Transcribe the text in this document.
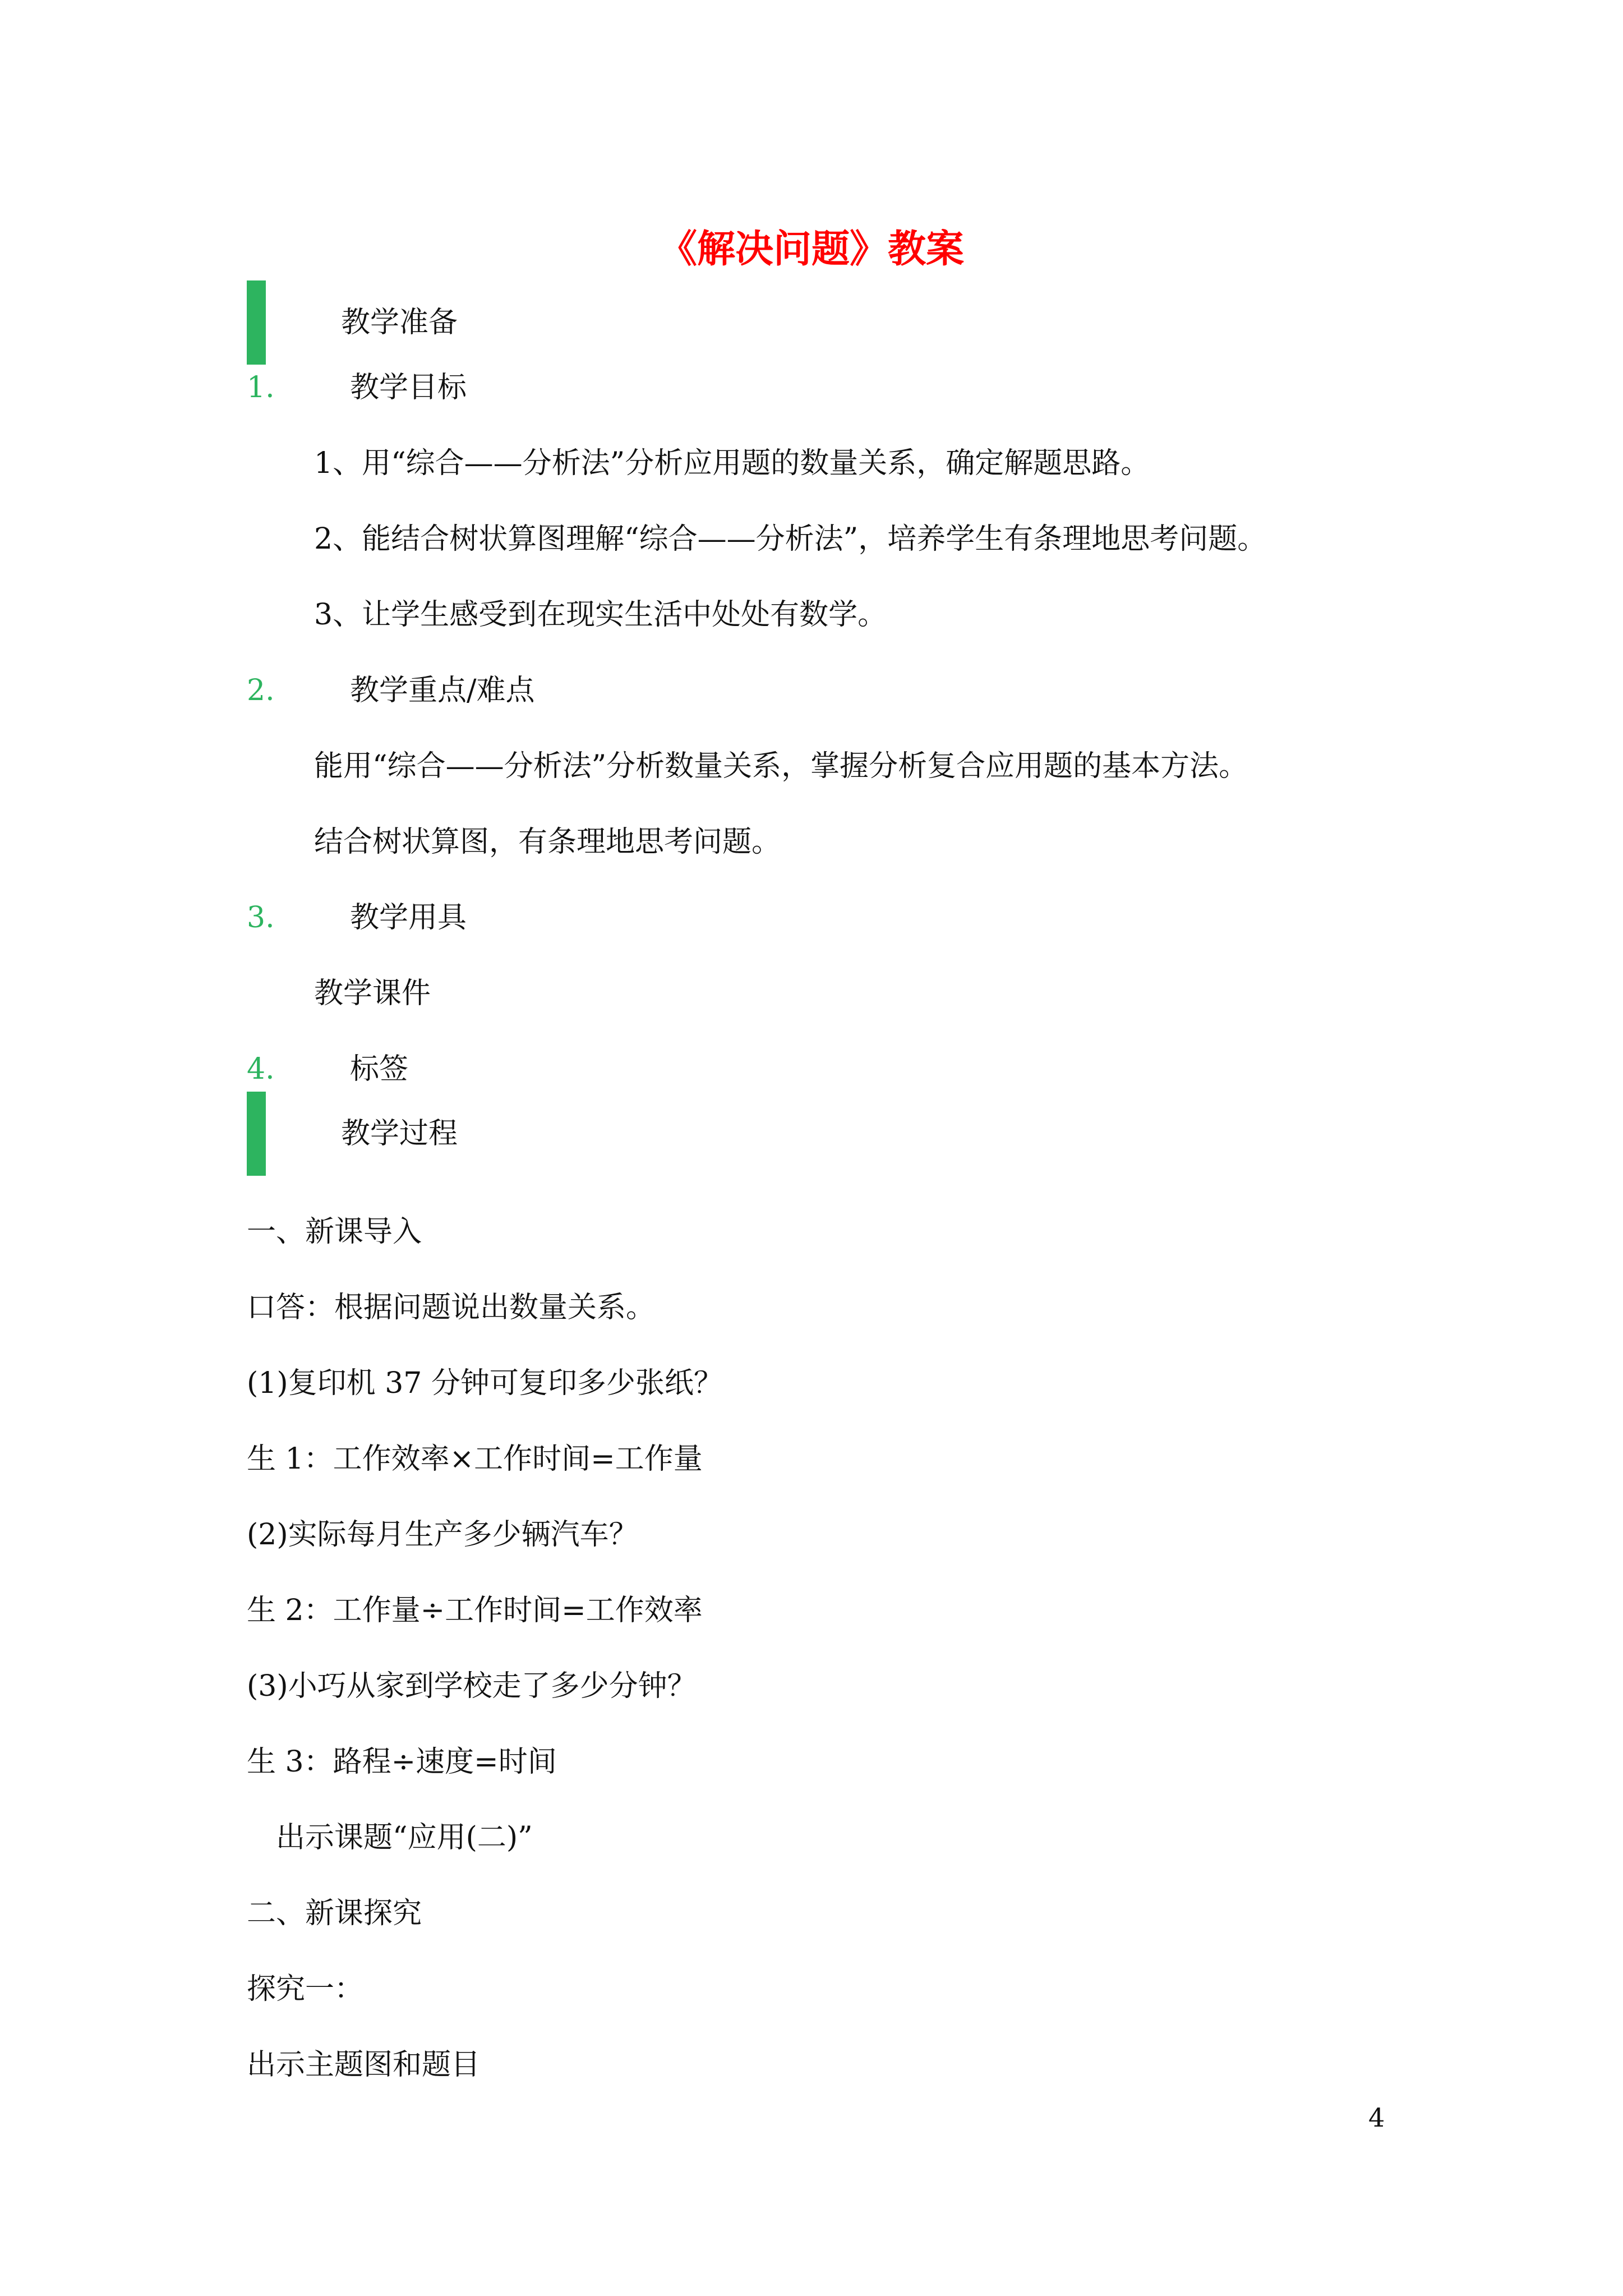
《解决问题》教案
教学准备
1.	教学目标
1、用“综合——分析法”分析应用题的数量关系，确定解题思路。
2、能结合树状算图理解“综合——分析法”，培养学生有条理地思考问题。
3、让学生感受到在现实生活中处处有数学。
2.	教学重点/难点
能用“综合——分析法”分析数量关系，掌握分析复合应用题的基本方法。
结合树状算图，有条理地思考问题。
3.	教学用具
教学课件
4.	标签
教学过程
一、新课导入
口答：根据问题说出数量关系。
(1)复印机 37 分钟可复印多少张纸？
生 1：工作效率×工作时间=工作量
(2)实际每月生产多少辆汽车？
生 2：工作量÷工作时间=工作效率
(3)小巧从家到学校走了多少分钟？
生 3：路程÷速度=时间
出示课题“应用(二)”
二、新课探究
探究一：
出示主题图和题目
4
